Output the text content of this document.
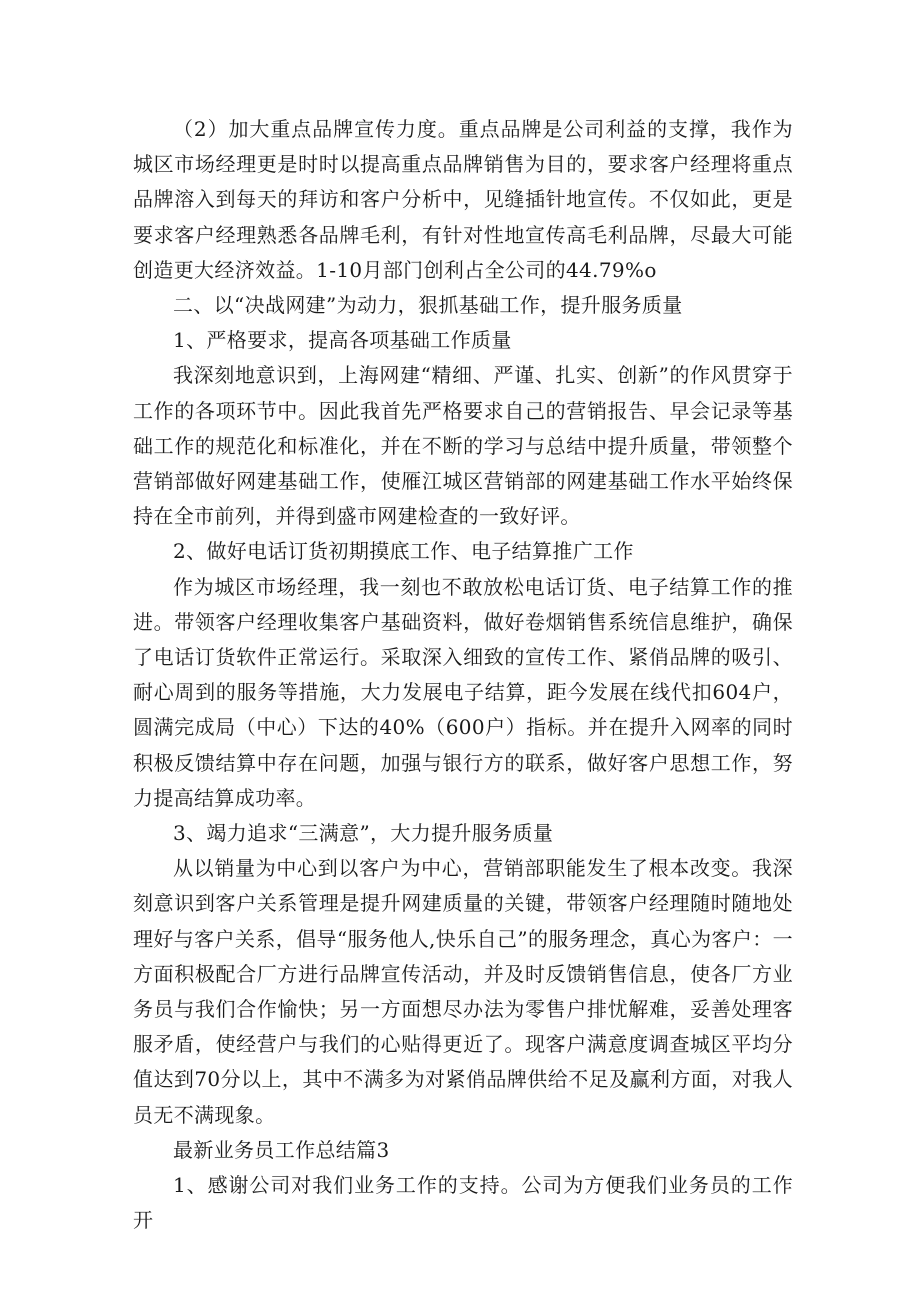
（2）加大重点品牌宣传力度。重点品牌是公司利益的支撑，我作为城区市场经理更是时时以提高重点品牌销售为目的，要求客户经理将重点品牌溶入到每天的拜访和客户分析中，见缝插针地宣传。不仅如此，更是要求客户经理熟悉各品牌毛利，有针对性地宣传高毛利品牌，尽最大可能创造更大经济效益。1-10月部门创利占全公司的44.79%o

二、以“决战网建”为动力，狠抓基础工作，提升服务质量

1、严格要求，提高各项基础工作质量

我深刻地意识到，上海网建“精细、严谨、扎实、创新”的作风贯穿于工作的各项环节中。因此我首先严格要求自己的营销报告、早会记录等基础工作的规范化和标准化，并在不断的学习与总结中提升质量，带领整个营销部做好网建基础工作，使雁江城区营销部的网建基础工作水平始终保持在全市前列，并得到盛市网建检查的一致好评。

2、做好电话订货初期摸底工作、电子结算推广工作

作为城区市场经理，我一刻也不敢放松电话订货、电子结算工作的推进。带领客户经理收集客户基础资料，做好卷烟销售系统信息维护，确保了电话订货软件正常运行。采取深入细致的宣传工作、紧俏品牌的吸引、耐心周到的服务等措施，大力发展电子结算，距今发展在线代扣604户，圆满完成局（中心）下达的40%（600户）指标。并在提升入网率的同时积极反馈结算中存在问题，加强与银行方的联系，做好客户思想工作，努力提高结算成功率。

3、竭力追求“三满意”，大力提升服务质量

从以销量为中心到以客户为中心，营销部职能发生了根本改变。我深刻意识到客户关系管理是提升网建质量的关键，带领客户经理随时随地处理好与客户关系，倡导“服务他人,快乐自己”的服务理念，真心为客户：一方面积极配合厂方进行品牌宣传活动，并及时反馈销售信息，使各厂方业务员与我们合作愉快；另一方面想尽办法为零售户排忧解难，妥善处理客服矛盾，使经营户与我们的心贴得更近了。现客户满意度调查城区平均分值达到70分以上，其中不满多为对紧俏品牌供给不足及赢利方面，对我人员无不满现象。

最新业务员工作总结篇3

1、感谢公司对我们业务工作的支持。公司为方便我们业务员的工作开
